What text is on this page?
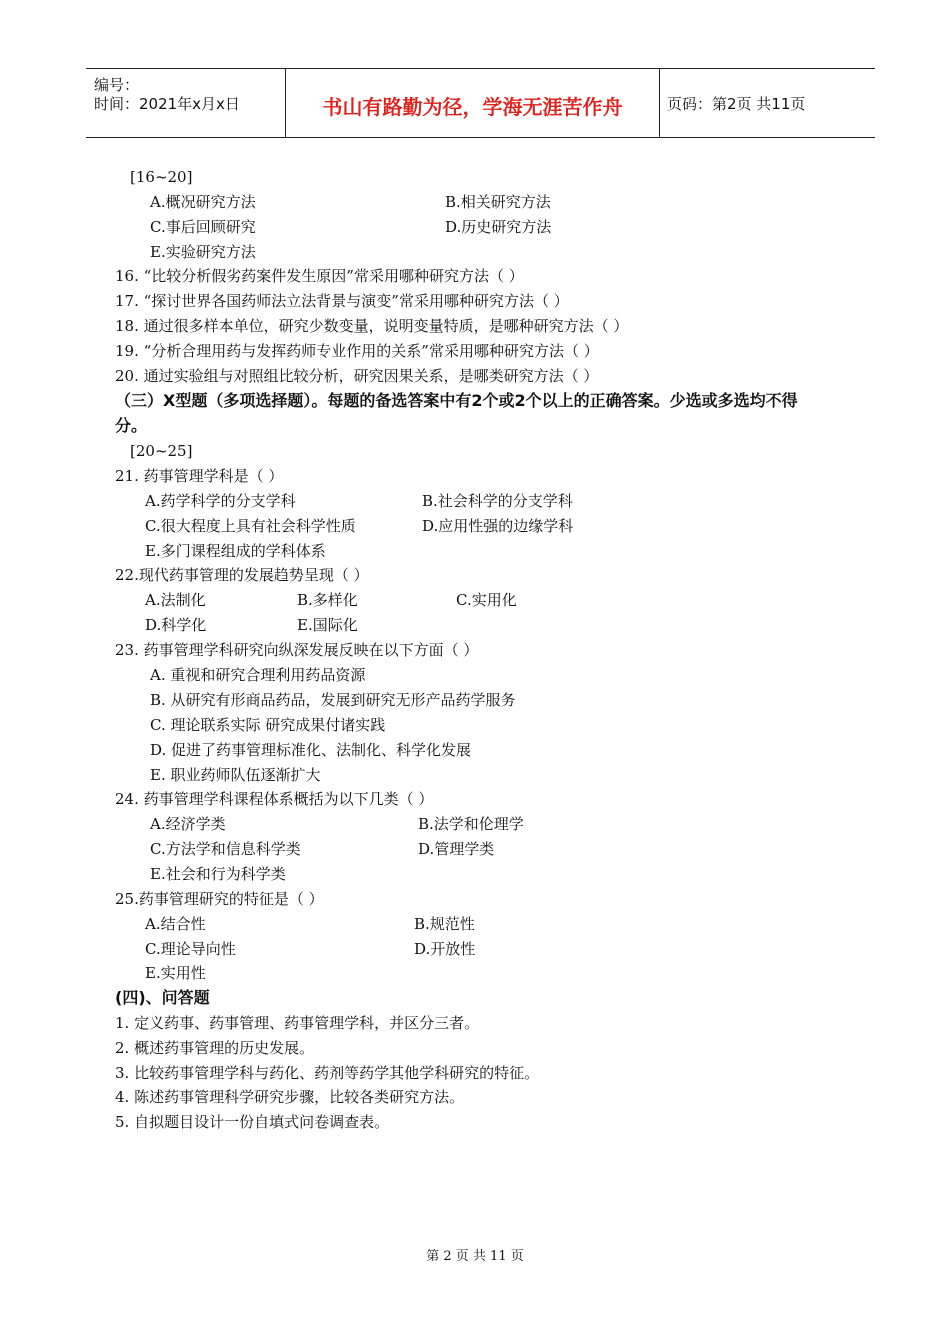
编号：
时间：2021年x月x日	书山有路勤为径，学海无涯苦作舟	页码：第2页 共11页
[16~20]
A.概况研究方法	B.相关研究方法
C.事后回顾研究	D.历史研究方法
E.实验研究方法
16. “比较分析假劣药案件发生原因”常采用哪种研究方法（ ）
17. “探讨世界各国药师法立法背景与演变”常采用哪种研究方法（ ）
18. 通过很多样本单位，研究少数变量，说明变量特质，是哪种研究方法（ ）
19. “分析合理用药与发挥药师专业作用的关系”常采用哪种研究方法（ ）
20. 通过实验组与对照组比较分析，研究因果关系，是哪类研究方法（ ）
（三）X型题（多项选择题）。每题的备选答案中有2个或2个以上的正确答案。少选或多选均不得
分。
[20~25]
21. 药事管理学科是（ ）
A.药学科学的分支学科	B.社会科学的分支学科
C.很大程度上具有社会科学性质	D.应用性强的边缘学科
E.多门课程组成的学科体系
22.现代药事管理的发展趋势呈现（ ）
A.法制化	B.多样化	C.实用化
D.科学化	E.国际化
23. 药事管理学科研究向纵深发展反映在以下方面（ ）
A. 重视和研究合理利用药品资源
B. 从研究有形商品药品，发展到研究无形产品药学服务
C. 理论联系实际 研究成果付诸实践
D. 促进了药事管理标准化、法制化、科学化发展
E. 职业药师队伍逐渐扩大
24. 药事管理学科课程体系概括为以下几类（ ）
A.经济学类	B.法学和伦理学
C.方法学和信息科学类	D.管理学类
E.社会和行为科学类
25.药事管理研究的特征是（ ）
A.结合性	B.规范性
C.理论导向性	D.开放性
E.实用性
(四)、问答题
1. 定义药事、药事管理、药事管理学科，并区分三者。
2. 概述药事管理的历史发展。
3. 比较药事管理学科与药化、药剂等药学其他学科研究的特征。
4. 陈述药事管理科学研究步骤，比较各类研究方法。
5. 自拟题目设计一份自填式问卷调查表。
第 2 页 共 11 页
